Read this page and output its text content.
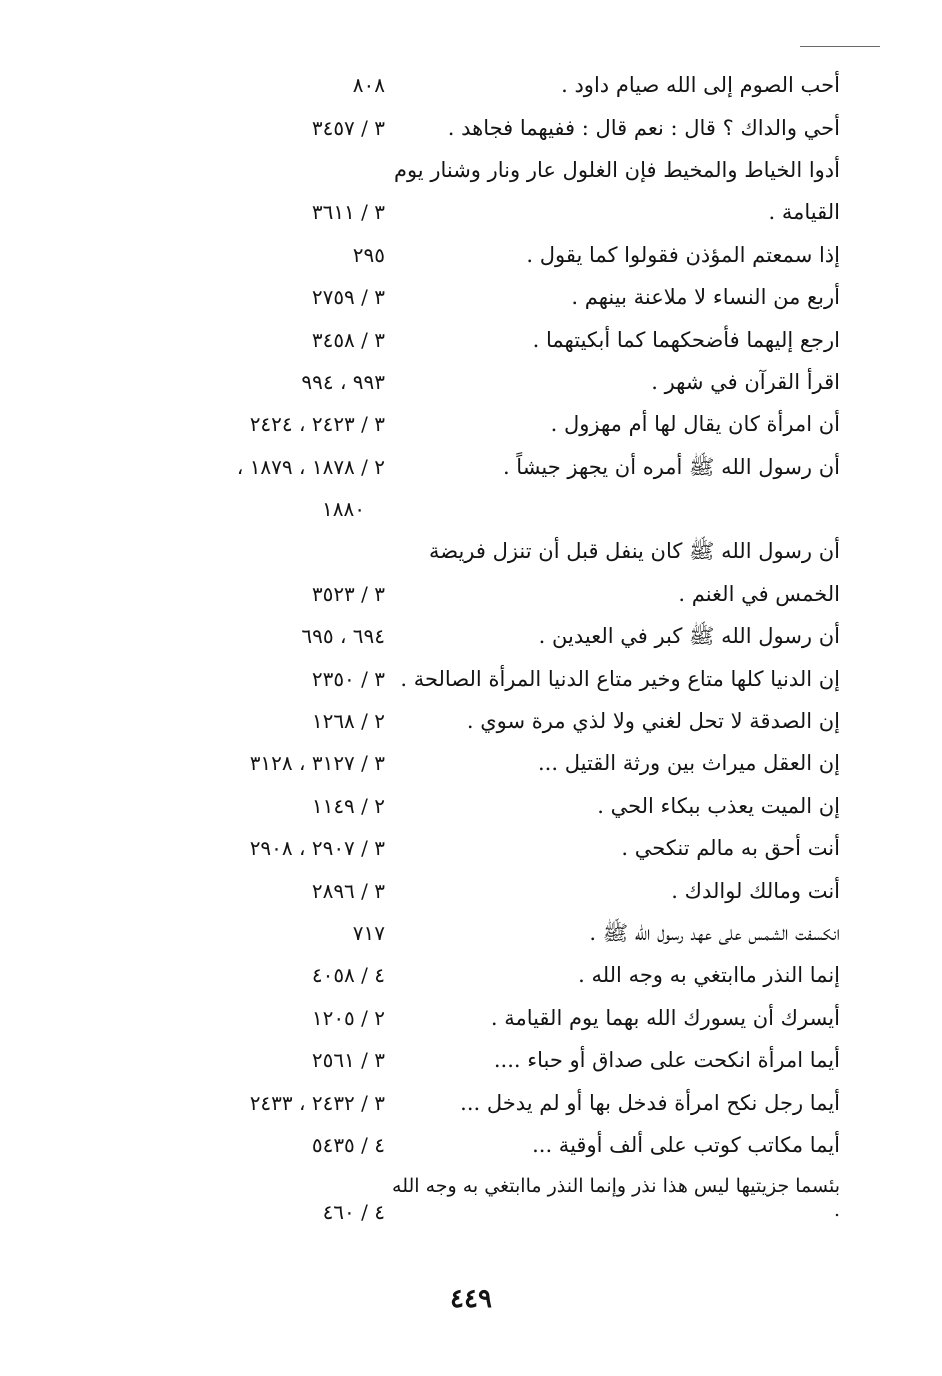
أحب الصوم إلى الله صيام داود .
٨٠٨
أحي والداك ؟ قال : نعم قال : ففيهما فجاهد .
٣ / ٣٤٥٧
أدوا الخياط والمخيط فإن الغلول عار ونار وشنار يوم
القيامة .
٣ / ٣٦١١
إذا سمعتم المؤذن فقولوا كما يقول .
٢٩٥
أربع من النساء لا ملاعنة بينهم .
٣ / ٢٧٥٩
ارجع إليهما فأضحكهما كما أبكيتهما .
٣ / ٣٤٥٨
اقرأ القرآن في شهر .
٩٩٣ ، ٩٩٤
أن امرأة كان يقال لها أم مهزول .
٣ / ٢٤٢٣ ، ٢٤٢٤
أن رسول الله ﷺ أمره أن يجهز جيشاً .
٢ / ١٨٧٨ ، ١٨٧٩ ،
١٨٨٠
أن رسول الله ﷺ كان ينفل قبل أن تنزل فريضة
الخمس في الغنم .
٣ / ٣٥٢٣
أن رسول الله ﷺ كبر في العيدين .
٦٩٤ ، ٦٩٥
إن الدنيا كلها متاع وخير متاع الدنيا المرأة الصالحة .
٣ / ٢٣٥٠
إن الصدقة لا تحل لغني ولا لذي مرة سوي .
٢ / ١٢٦٨
إن العقل ميراث بين ورثة القتيل ...
٣ / ٣١٢٧ ، ٣١٢٨
إن الميت يعذب ببكاء الحي .
٢ / ١١٤٩
أنت أحق به مالم تنكحي .
٣ / ٢٩٠٧ ، ٢٩٠٨
أنت ومالك لوالدك .
٣ / ٢٨٩٦
انكسفت الشمس على عهد رسول الله ﷺ .
٧١٧
إنما النذر ماابتغي به وجه الله .
٤ / ٤٠٥٨
أيسرك أن يسورك الله بهما يوم القيامة .
٢ / ١٢٠٥
أيما امرأة انكحت على صداق أو حباء ....
٣ / ٢٥٦١
أيما رجل نكح امرأة فدخل بها أو لم يدخل ...
٣ / ٢٤٣٢ ، ٢٤٣٣
أيما مكاتب كوتب على ألف أوقية ...
٤ / ٥٤٣٥
بئسما جزيتيها ليس هذا نذر وإنما النذر ماابتغي به وجه الله .
٤ / ٤٦٠
٤٤٩
